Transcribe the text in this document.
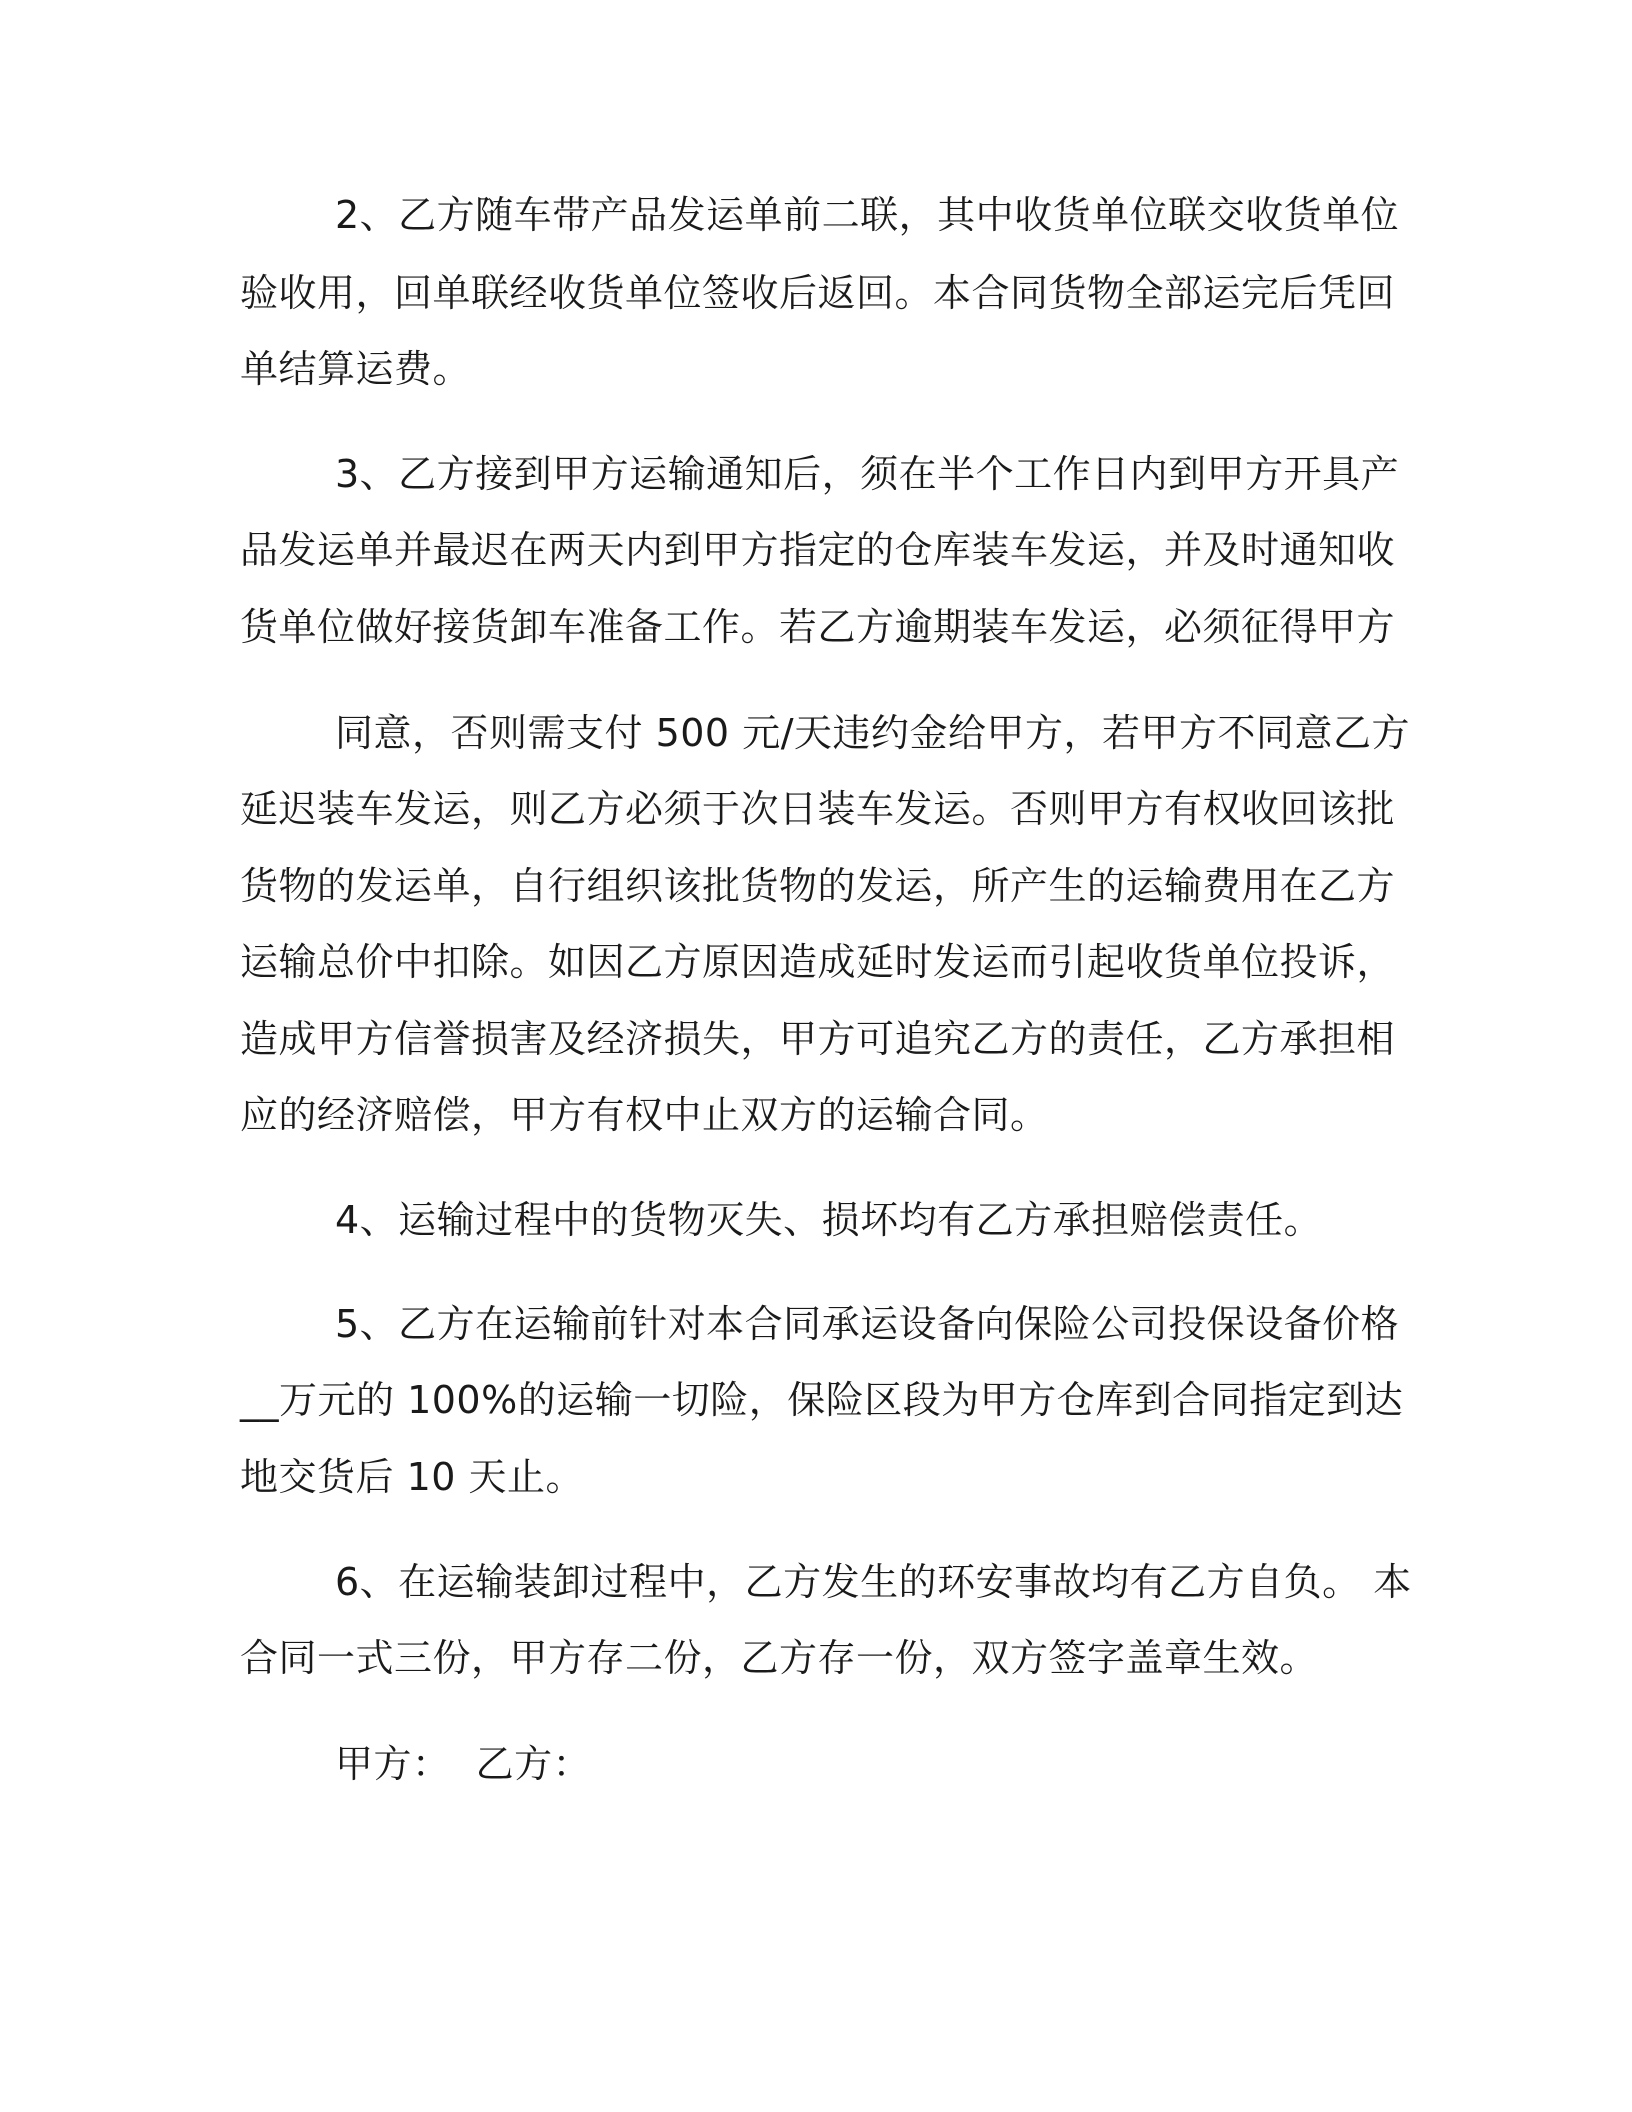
2、乙方随车带产品发运单前二联，其中收货单位联交收货单位
验收用，回单联经收货单位签收后返回。本合同货物全部运完后凭回
单结算运费。
3、乙方接到甲方运输通知后，须在半个工作日内到甲方开具产
品发运单并最迟在两天内到甲方指定的仓库装车发运，并及时通知收
货单位做好接货卸车准备工作。若乙方逾期装车发运，必须征得甲方
同意，否则需支付 500 元/天违约金给甲方，若甲方不同意乙方
延迟装车发运，则乙方必须于次日装车发运。否则甲方有权收回该批
货物的发运单，自行组织该批货物的发运，所产生的运输费用在乙方
运输总价中扣除。如因乙方原因造成延时发运而引起收货单位投诉，
造成甲方信誉损害及经济损失，甲方可追究乙方的责任，乙方承担相
应的经济赔偿，甲方有权中止双方的运输合同。
4、运输过程中的货物灭失、损坏均有乙方承担赔偿责任。
5、乙方在运输前针对本合同承运设备向保险公司投保设备价格
__万元的 100%的运输一切险，保险区段为甲方仓库到合同指定到达
地交货后 10 天止。
6、在运输装卸过程中，乙方发生的环安事故均有乙方自负。 本
合同一式三份，甲方存二份，乙方存一份，双方签字盖章生效。
甲方：  乙方：
